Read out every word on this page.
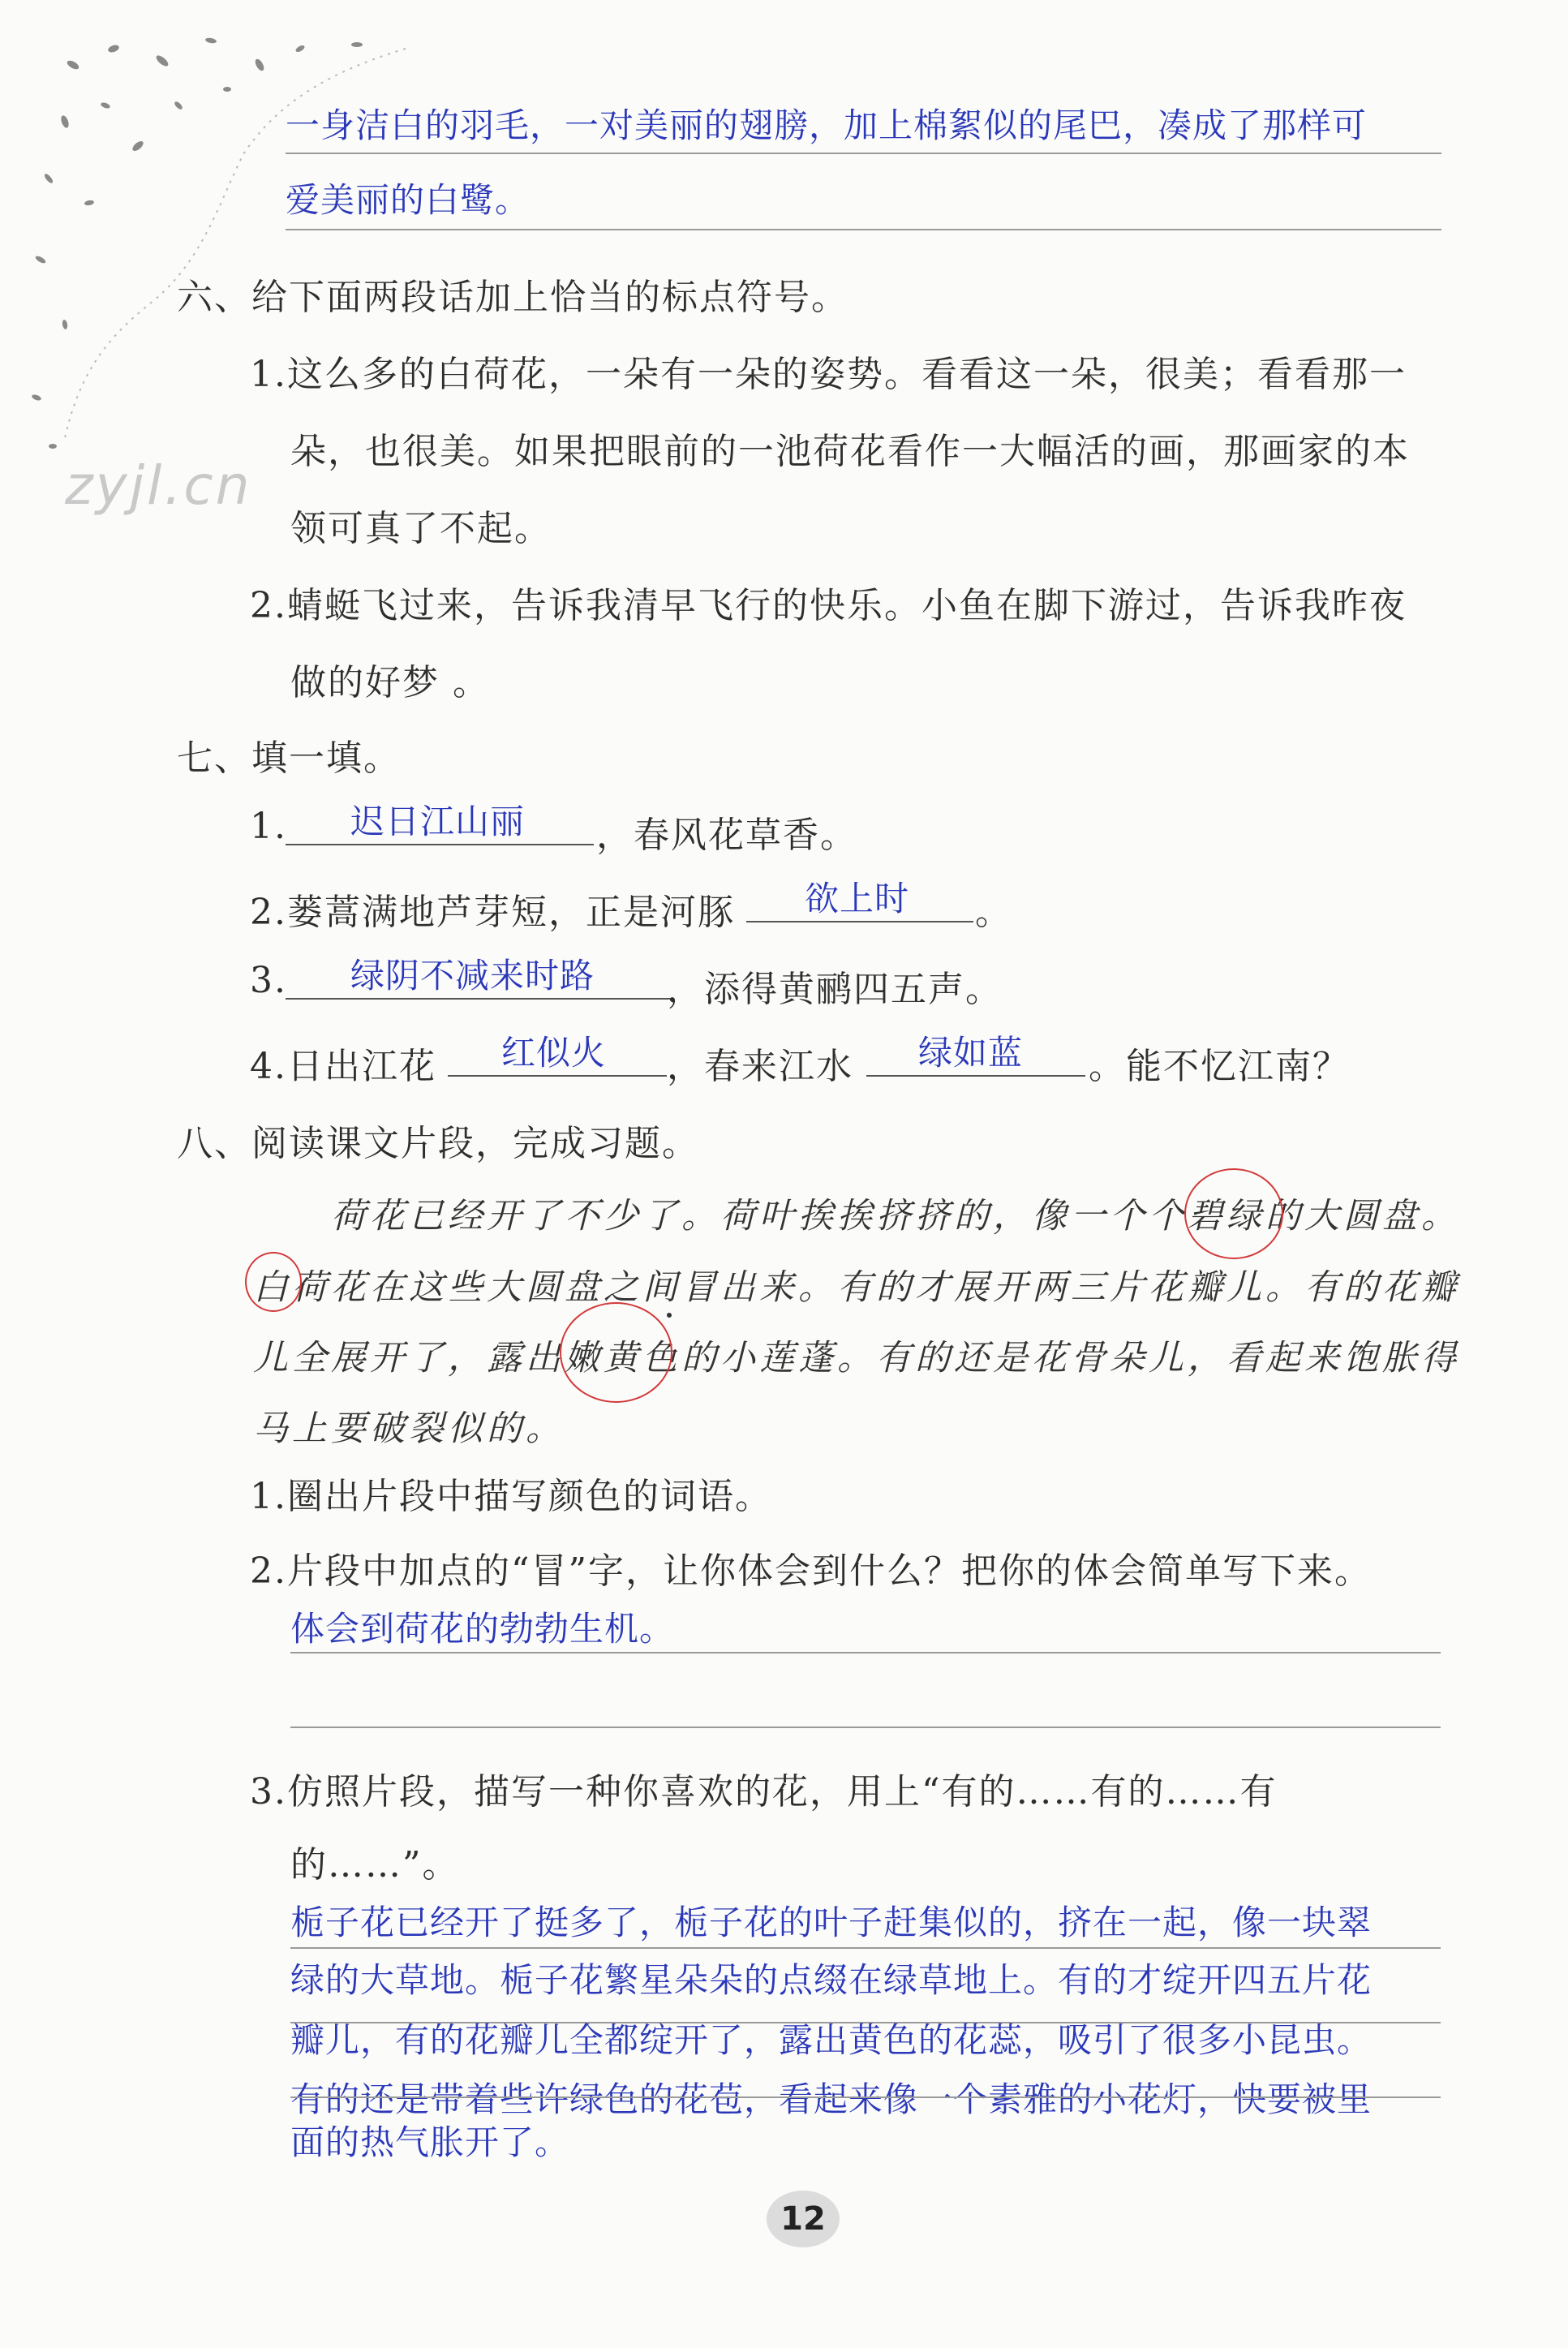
一身洁白的羽毛，一对美丽的翅膀，加上棉絮似的尾巴，凑成了那样可
爱美丽的白鹭。
六、给下面两段话加上恰当的标点符号。
1.这么多的白荷花，一朵有一朵的姿势。看看这一朵，很美；看看那一
朵，也很美。如果把眼前的一池荷花看作一大幅活的画，那画家的本
领可真了不起。
2.蜻蜓飞过来，告诉我清早飞行的快乐。小鱼在脚下游过，告诉我昨夜
做的好梦 。
zyjl.cn
七、填一填。
1. 迟日江山丽 ，春风花草香。
2.蒌蒿满地芦芽短，正是河豚 欲上时 。
3. 绿阴不减来时路 ，添得黄鹂四五声。
4.日出江花 红似火 ，春来江水 绿如蓝 。能不忆江南？
八、阅读课文片段，完成习题。
荷花已经开了不少了。荷叶挨挨挤挤的，像一个个碧绿的大圆盘。
白荷花在这些大圆盘之间冒出来。有的才展开两三片花瓣儿。有的花瓣
儿全展开了，露出嫩黄色的小莲蓬。有的还是花骨朵儿，看起来饱胀得
马上要破裂似的。
1.圈出片段中描写颜色的词语。
2.片段中加点的“冒”字，让你体会到什么？把你的体会简单写下来。
体会到荷花的勃勃生机。
3.仿照片段，描写一种你喜欢的花，用上“有的……有的……有
的……”。
栀子花已经开了挺多了，栀子花的叶子赶集似的，挤在一起，像一块翠
绿的大草地。栀子花繁星朵朵的点缀在绿草地上。有的才绽开四五片花
瓣儿，有的花瓣儿全都绽开了，露出黄色的花蕊，吸引了很多小昆虫。
有的还是带着些许绿色的花苞，看起来像一个素雅的小花灯，快要被里
面的热气胀开了。
12
